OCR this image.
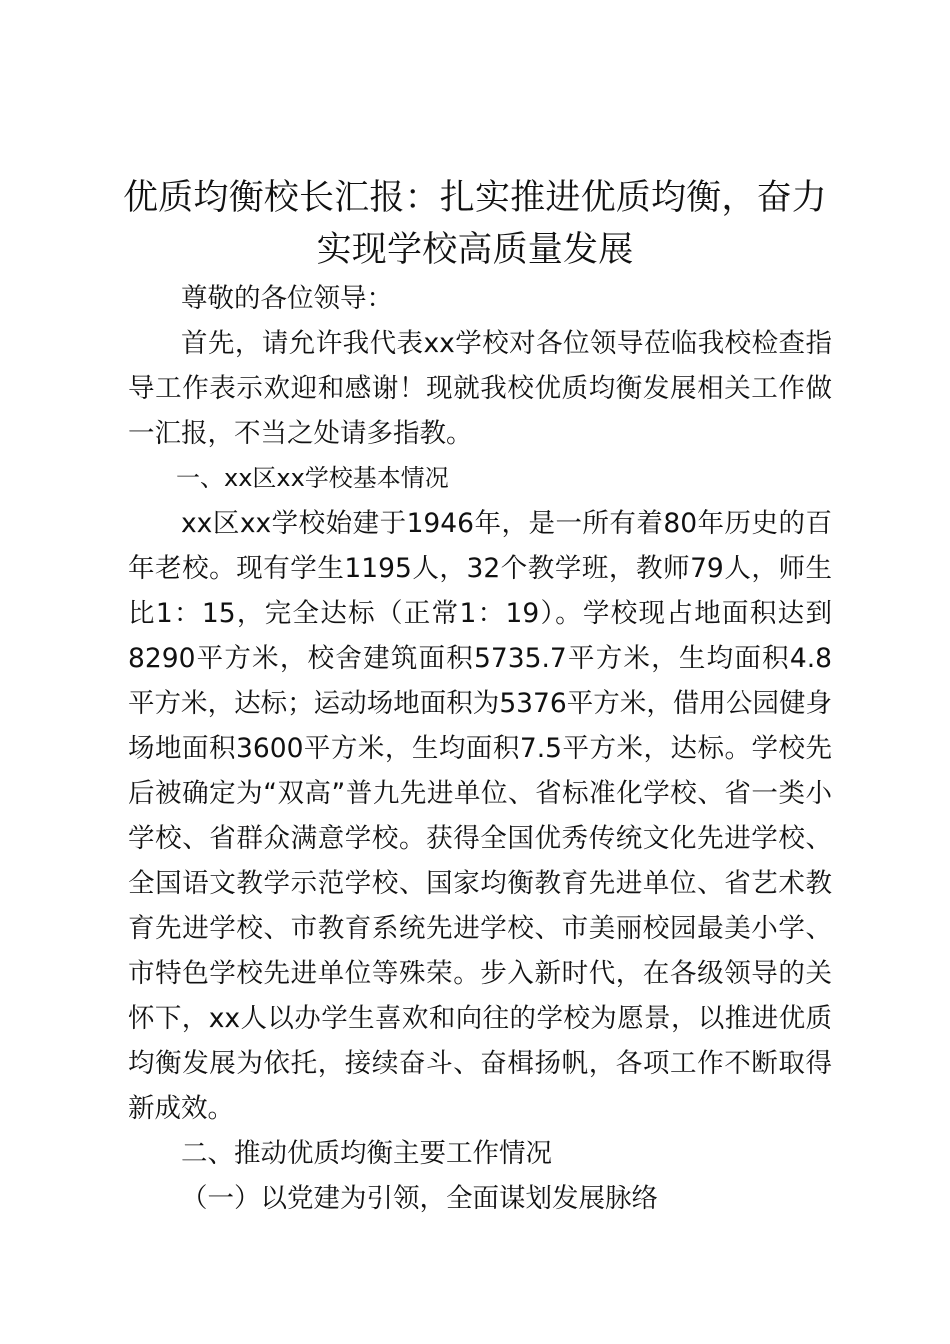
优质均衡校长汇报：扎实推进优质均衡，奋力实现学校高质量发展

尊敬的各位领导：

首先，请允许我代表xx学校对各位领导莅临我校检查指导工作表示欢迎和感谢！现就我校优质均衡发展相关工作做一汇报，不当之处请多指教。

一、xx区xx学校基本情况

xx区xx学校始建于1946年，是一所有着80年历史的百年老校。现有学生1195人，32个教学班，教师79人，师生比1：15，完全达标（正常1：19）。学校现占地面积达到8290平方米，校舍建筑面积5735.7平方米，生均面积4.8平方米，达标；运动场地面积为5376平方米，借用公园健身场地面积3600平方米，生均面积7.5平方米，达标。学校先后被确定为“双高”普九先进单位、省标准化学校、省一类小学校、省群众满意学校。获得全国优秀传统文化先进学校、全国语文教学示范学校、国家均衡教育先进单位、省艺术教育先进学校、市教育系统先进学校、市美丽校园最美小学、市特色学校先进单位等殊荣。步入新时代，在各级领导的关怀下，xx人以办学生喜欢和向往的学校为愿景，以推进优质均衡发展为依托，接续奋斗、奋楫扬帆，各项工作不断取得新成效。

二、推动优质均衡主要工作情况

（一）以党建为引领，全面谋划发展脉络
